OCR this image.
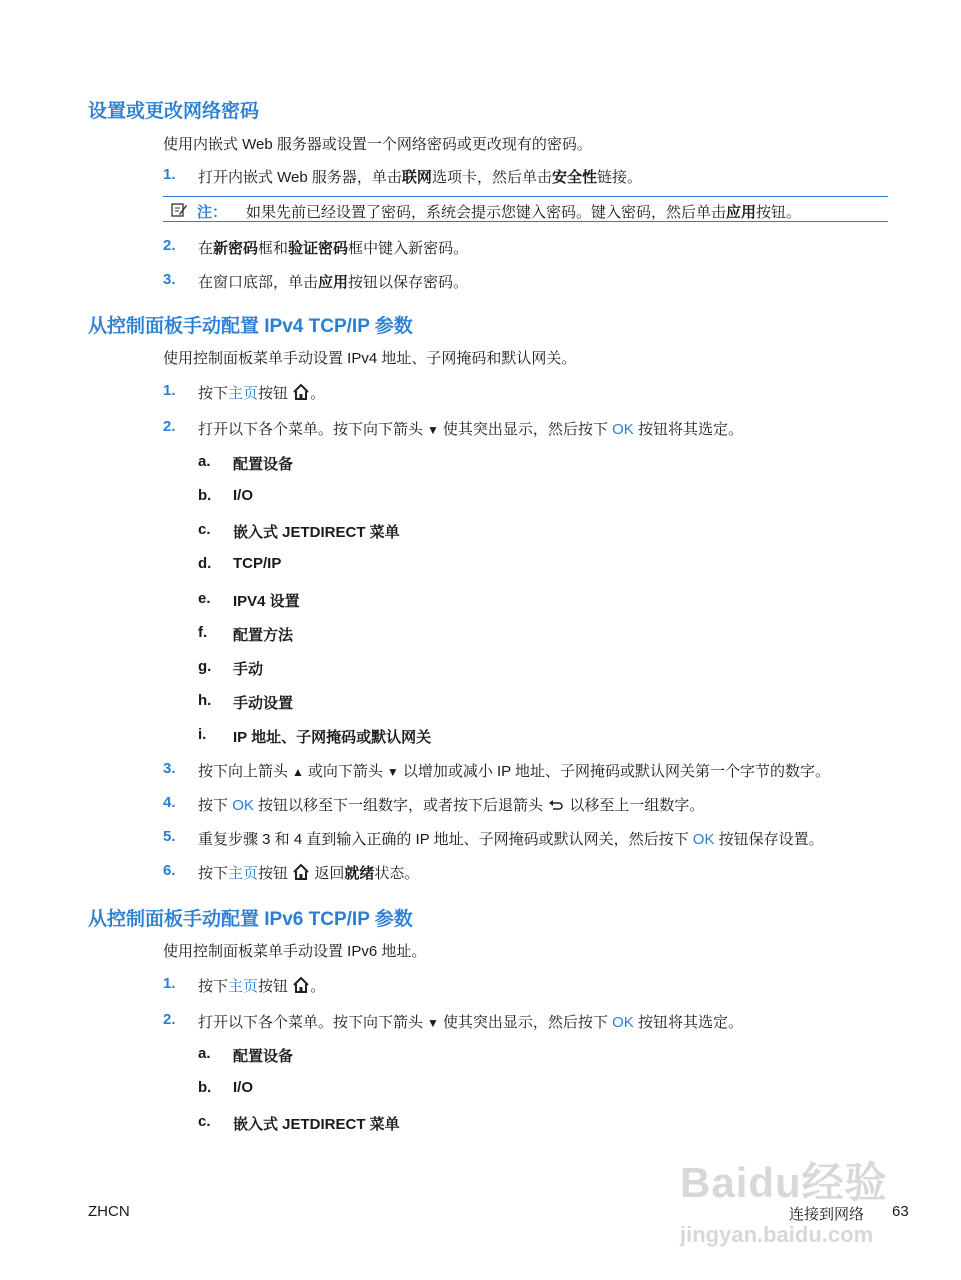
设置或更改网络密码
使用内嵌式 Web 服务器或设置一个网络密码或更改现有的密码。
1. 打开内嵌式 Web 服务器，单击联网选项卡，然后单击安全性链接。
注： 如果先前已经设置了密码，系统会提示您键入密码。键入密码，然后单击应用按钮。
2. 在新密码框和验证密码框中键入新密码。
3. 在窗口底部，单击应用按钮以保存密码。
从控制面板手动配置 IPv4 TCP/IP 参数
使用控制面板菜单手动设置 IPv4 地址、子网掩码和默认网关。
1. 按下主页按钮 。
2. 打开以下各个菜单。按下向下箭头 ▼ 使其突出显示，然后按下 OK 按钮将其选定。
a. 配置设备
b. I/O
c. 嵌入式 JETDIRECT 菜单
d. TCP/IP
e. IPV4 设置
f. 配置方法
g. 手动
h. 手动设置
i. IP 地址、子网掩码或默认网关
3. 按下向上箭头 ▲ 或向下箭头 ▼ 以增加或减小 IP 地址、子网掩码或默认网关第一个字节的数字。
4. 按下 OK 按钮以移至下一组数字，或者按下后退箭头 以移至上一组数字。
5. 重复步骤 3 和 4 直到输入正确的 IP 地址、子网掩码或默认网关，然后按下 OK 按钮保存设置。
6. 按下主页按钮 返回就绪状态。
从控制面板手动配置 IPv6 TCP/IP 参数
使用控制面板菜单手动设置 IPv6 地址。
1. 按下主页按钮 。
2. 打开以下各个菜单。按下向下箭头 ▼ 使其突出显示，然后按下 OK 按钮将其选定。
a. 配置设备
b. I/O
c. 嵌入式 JETDIRECT 菜单
Baidu经验
jingyan.baidu.com
ZHCN	连接到网络 63
